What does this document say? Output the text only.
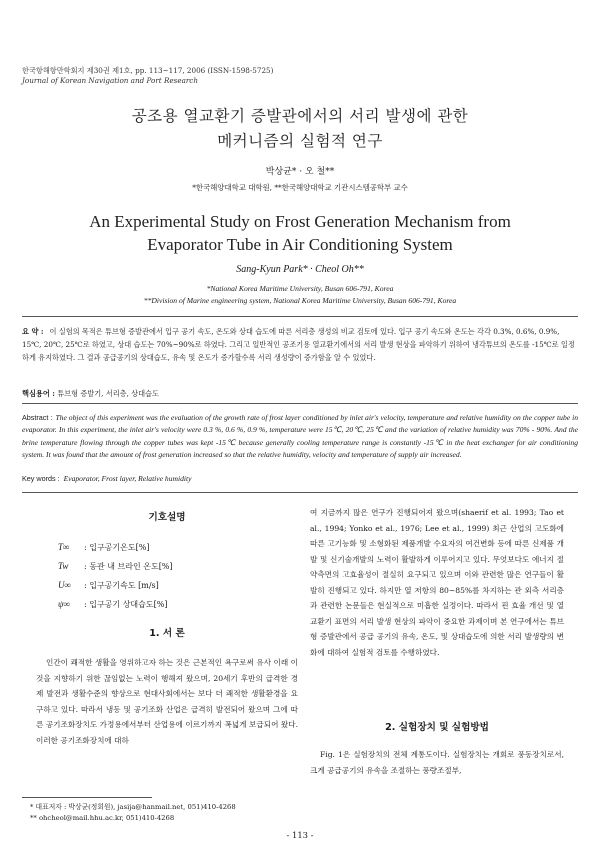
한국항해항만학회지 제30권 제1호, pp. 113~117, 2006 (ISSN-1598-5725)
Journal of Korean Navigation and Port Research
공조용 열교환기 증발관에서의 서리 발생에 관한
메커니즘의 실험적 연구
박상균* · 오 철**
*한국해양대학교 대학원, **한국해양대학교 기관시스템공학부 교수
An Experimental Study on Frost Generation Mechanism from
Evaporator Tube in Air Conditioning System
Sang-Kyun Park* · Cheol Oh**
*National Korea Maritime University, Busan 606-791, Korea
**Division of Marine engineering system, National Korea Maritime University, Busan 606-791, Korea
요 약 : 이 실험의 목적은 튜브형 증발관에서 입구 공기 속도, 온도와 상대 습도에 따른 서리층 생성의 비교 검토에 있다. 입구 공기 속도와 온도는 각각 0.3%, 0.6%, 0.9%, 15℃, 20℃, 25℃로 하였고, 상대 습도는 70%~90%로 하였다. 그리고 일반적인 공조기용 열교환기에서의 서리 발생 현상을 파악하기 위하여 냉각튜브의 온도를 -15℃로 일정하게 유지하였다. 그 결과 공급공기의 상대습도, 유속 및 온도가 증가할수록 서리 생성량이 증가함을 알 수 있었다.
핵심용어 : 튜브형 증발기, 서리층, 상대습도
Abstract : The object of this experiment was the evaluation of the growth rate of frost layer conditioned by inlet air's velocity, temperature and relative humidity on the copper tube in evaporator. In this experiment, the inlet air's velocity were 0.3 %, 0.6 %, 0.9 %, temperature were 15℃, 20℃, 25℃ and the variation of relative humidity was 70% - 90%. And the brine temperature flowing through the copper tubes was kept -15℃ because generally cooling temperature range is constantly -15℃ in the heat exchanger for air conditioning system. It was found that the amount of frost generation increased so that the relative humidity, velocity and temperature of supply air increased.
Key words : Evaporator, Frost layer, Relative humidity
기호설명
T∞ : 입구공기온도[%]
Tw : 동관 내 브라인 온도[%]
U∞ : 입구공기속도 [m/s]
ψ∞ : 입구공기 상대습도[%]
1. 서 론
인간이 쾌적한 생활을 영위하고자 하는 것은 근본적인 욕구로써 유사 이래 이것을 지향하기 위한 끊임없는 노력이 행해져 왔으며, 20세기 후반의 급격한 경제 발전과 생활수준의 향상으로 현대사회에서는 보다 더 쾌적한 생활환경을 요구하고 있다. 따라서 냉동 및 공기조화 산업은 급격히 발전되어 왔으며 그에 따른 공기조화장치도 가정용에서부터 산업용에 이르기까지 폭넓게 보급되어 왔다. 이러한 공기조화장치에 대하
여 지금까지 많은 연구가 진행되어져 왔으며(shaerif et al. 1993; Tao et al., 1994; Yonko et al., 1976; Lee et al., 1999) 최근 산업의 고도화에 따른 고기능화 및 소형화된 제품개발 수요자의 여건변화 등에 따른 신제품 개발 및 신기술개발의 노력이 활발하게 이루어지고 있다. 무엇보다도 에너지 절약측면의 고효율성이 절실히 요구되고 있으며 이와 관련한 많은 연구들이 활발히 진행되고 있다. 하지만 열 저항의 80~85%를 차지하는 관 외측 서리층과 관련한 논문들은 현실적으로 미흡한 실정이다. 따라서 핀 효율 개선 및 열교환기 표면의 서리 발생 현상의 파악이 중요한 과제이며 본 연구에서는 튜브형 증발관에서 공급 공기의 유속, 온도, 및 상대습도에 의한 서리 발생량의 변화에 대하여 실험적 검토를 수행하였다.
2. 실험장치 및 실험방법
Fig. 1은 실험장치의 전체 계통도이다. 실험장치는 개회로 풍동장치로서, 크게 공급공기의 유속을 조절하는 풍량조절부,
* 대표저자 : 박상균(정회원), jasija@hanmail.net, 051)410-4268
** ohcheol@mail.hhu.ac.kr, 051)410-4268
- 113 -
